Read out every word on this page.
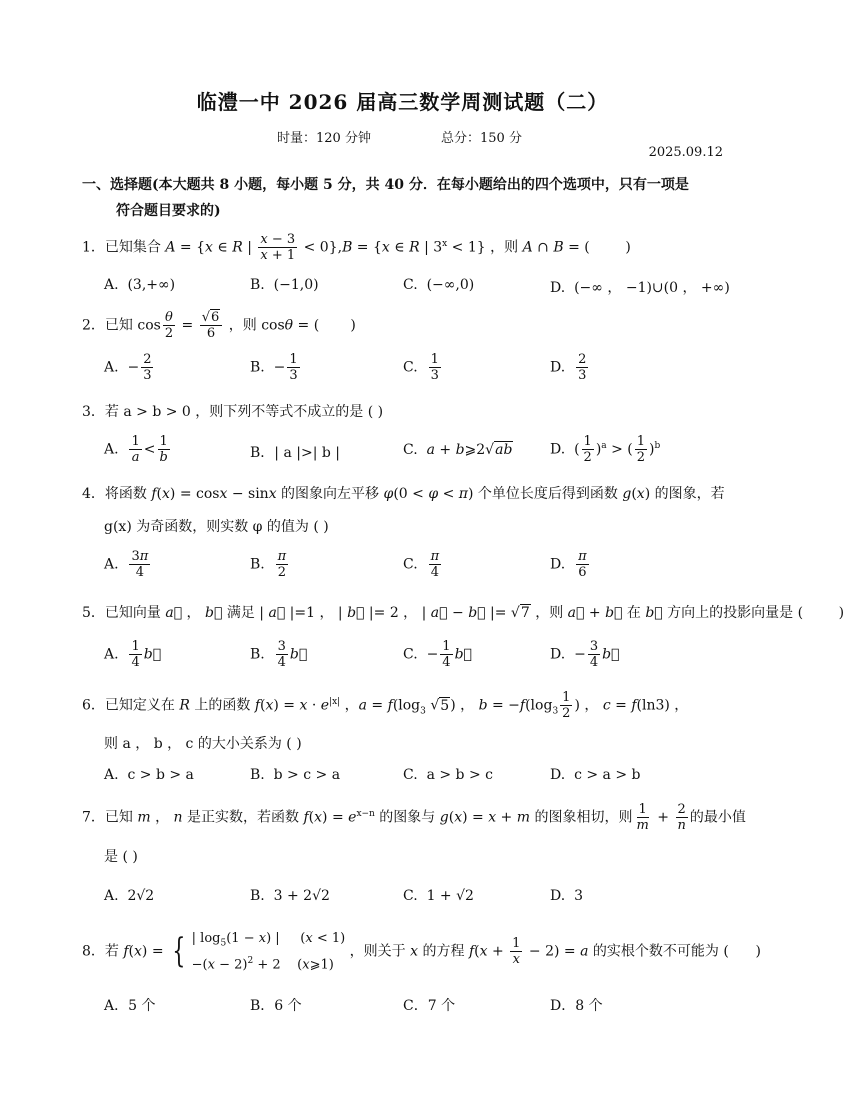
临澧一中 2026 届高三数学周测试题（二）
时量：120 分钟	总分：150 分
2025.09.12
一、选择题(本大题共 8 小题，每小题 5 分，共 40 分．在每小题给出的四个选项中，只有一项是
符合题目要求的)
1．已知集合 A = {x ∈ R | $\frac{x - 3}{x + 1} < 0\},B = \{x$ ∈ R | $3^x < 1$} ，则 A ∩ B = (        )
A.  (3,+∞)	B.  (−1,0)	C.  (−∞,0)	D.  (−∞ ， −1)∪(0 ， +∞)
2．已知 $\cos \frac{\theta}{2} = \frac{√6}{6}$ ，则 cosθ = (       )
A.  − $\frac{2}{3}$	B.  − $\frac{1}{3}$	C. $\frac{1}{3}$	D. $\frac{2}{3}$
3．若 a > b > 0 ，则下列不等式不成立的是 ( )
A. $\frac{1}{a} < \frac{1}{b}$	B．| a |>| b |	C.  a + b⩾2√ab	D.  ( $\frac{1}{2} )^a$ > ( $\frac{1}{2} )^b$
4．将函数 f(x) = cosx − sinx 的图象向左平移 φ(0 < φ < π) 个单位长度后得到函数 g(x) 的图象，若
g(x) 为奇函数，则实数 φ 的值为 ( )
A. $\frac{3\pi}{4}$	B. $\frac{\pi}{2}$	C. $\frac{\pi}{4}$	D. $\frac{\pi}{6}$
5．已知向量 a⃗ ， b⃗ 满足 | a⃗ |=1 ， | b⃗ |= 2 ， | a⃗ − b⃗ |= √7 ，则 a⃗ + b⃗ 在 b⃗ 方向上的投影向量是 (        )
A. $\frac{1}{4}$ b⃗	B. $\frac{3}{4}$ b⃗	C.  − $\frac{1}{4}$ b⃗	D.  − $\frac{3}{4}$ b⃗
6．已知定义在 R 上的函数 $f(x) = x \cdot e^{|x|}$ ，$a = f(\log_3$ √5) ， $b = -f(\log_3 \frac{1}{2}$ ) ， c = f(ln3) ，
则 a ， b ， c 的大小关系为 ( )
A.  c > b > a	B.  b > c > a	C.  a > b > c	D.  c > a > b
7．已知 m ， n 是正实数，若函数 $f(x) = e^{x-n}$ 的图象与 g(x) = x + m 的图象相切，则 $\frac{1}{m} + \frac{2}{n}$ 的最小值
是 ( )
A.  2√2	B.  3 + 2√2	C.  1 + √2	D.  3
8．若 f(x) = { | $\log_5(1 - x)$ |     (x < 1)
$-(x - 2)^2 + 2$    (x⩾1)
，则关于 x 的方程 $f(x + \frac{1}{x} - 2) = a$ 的实根个数不可能为 (      )
A．5 个	B．6 个	C．7 个	D．8 个
